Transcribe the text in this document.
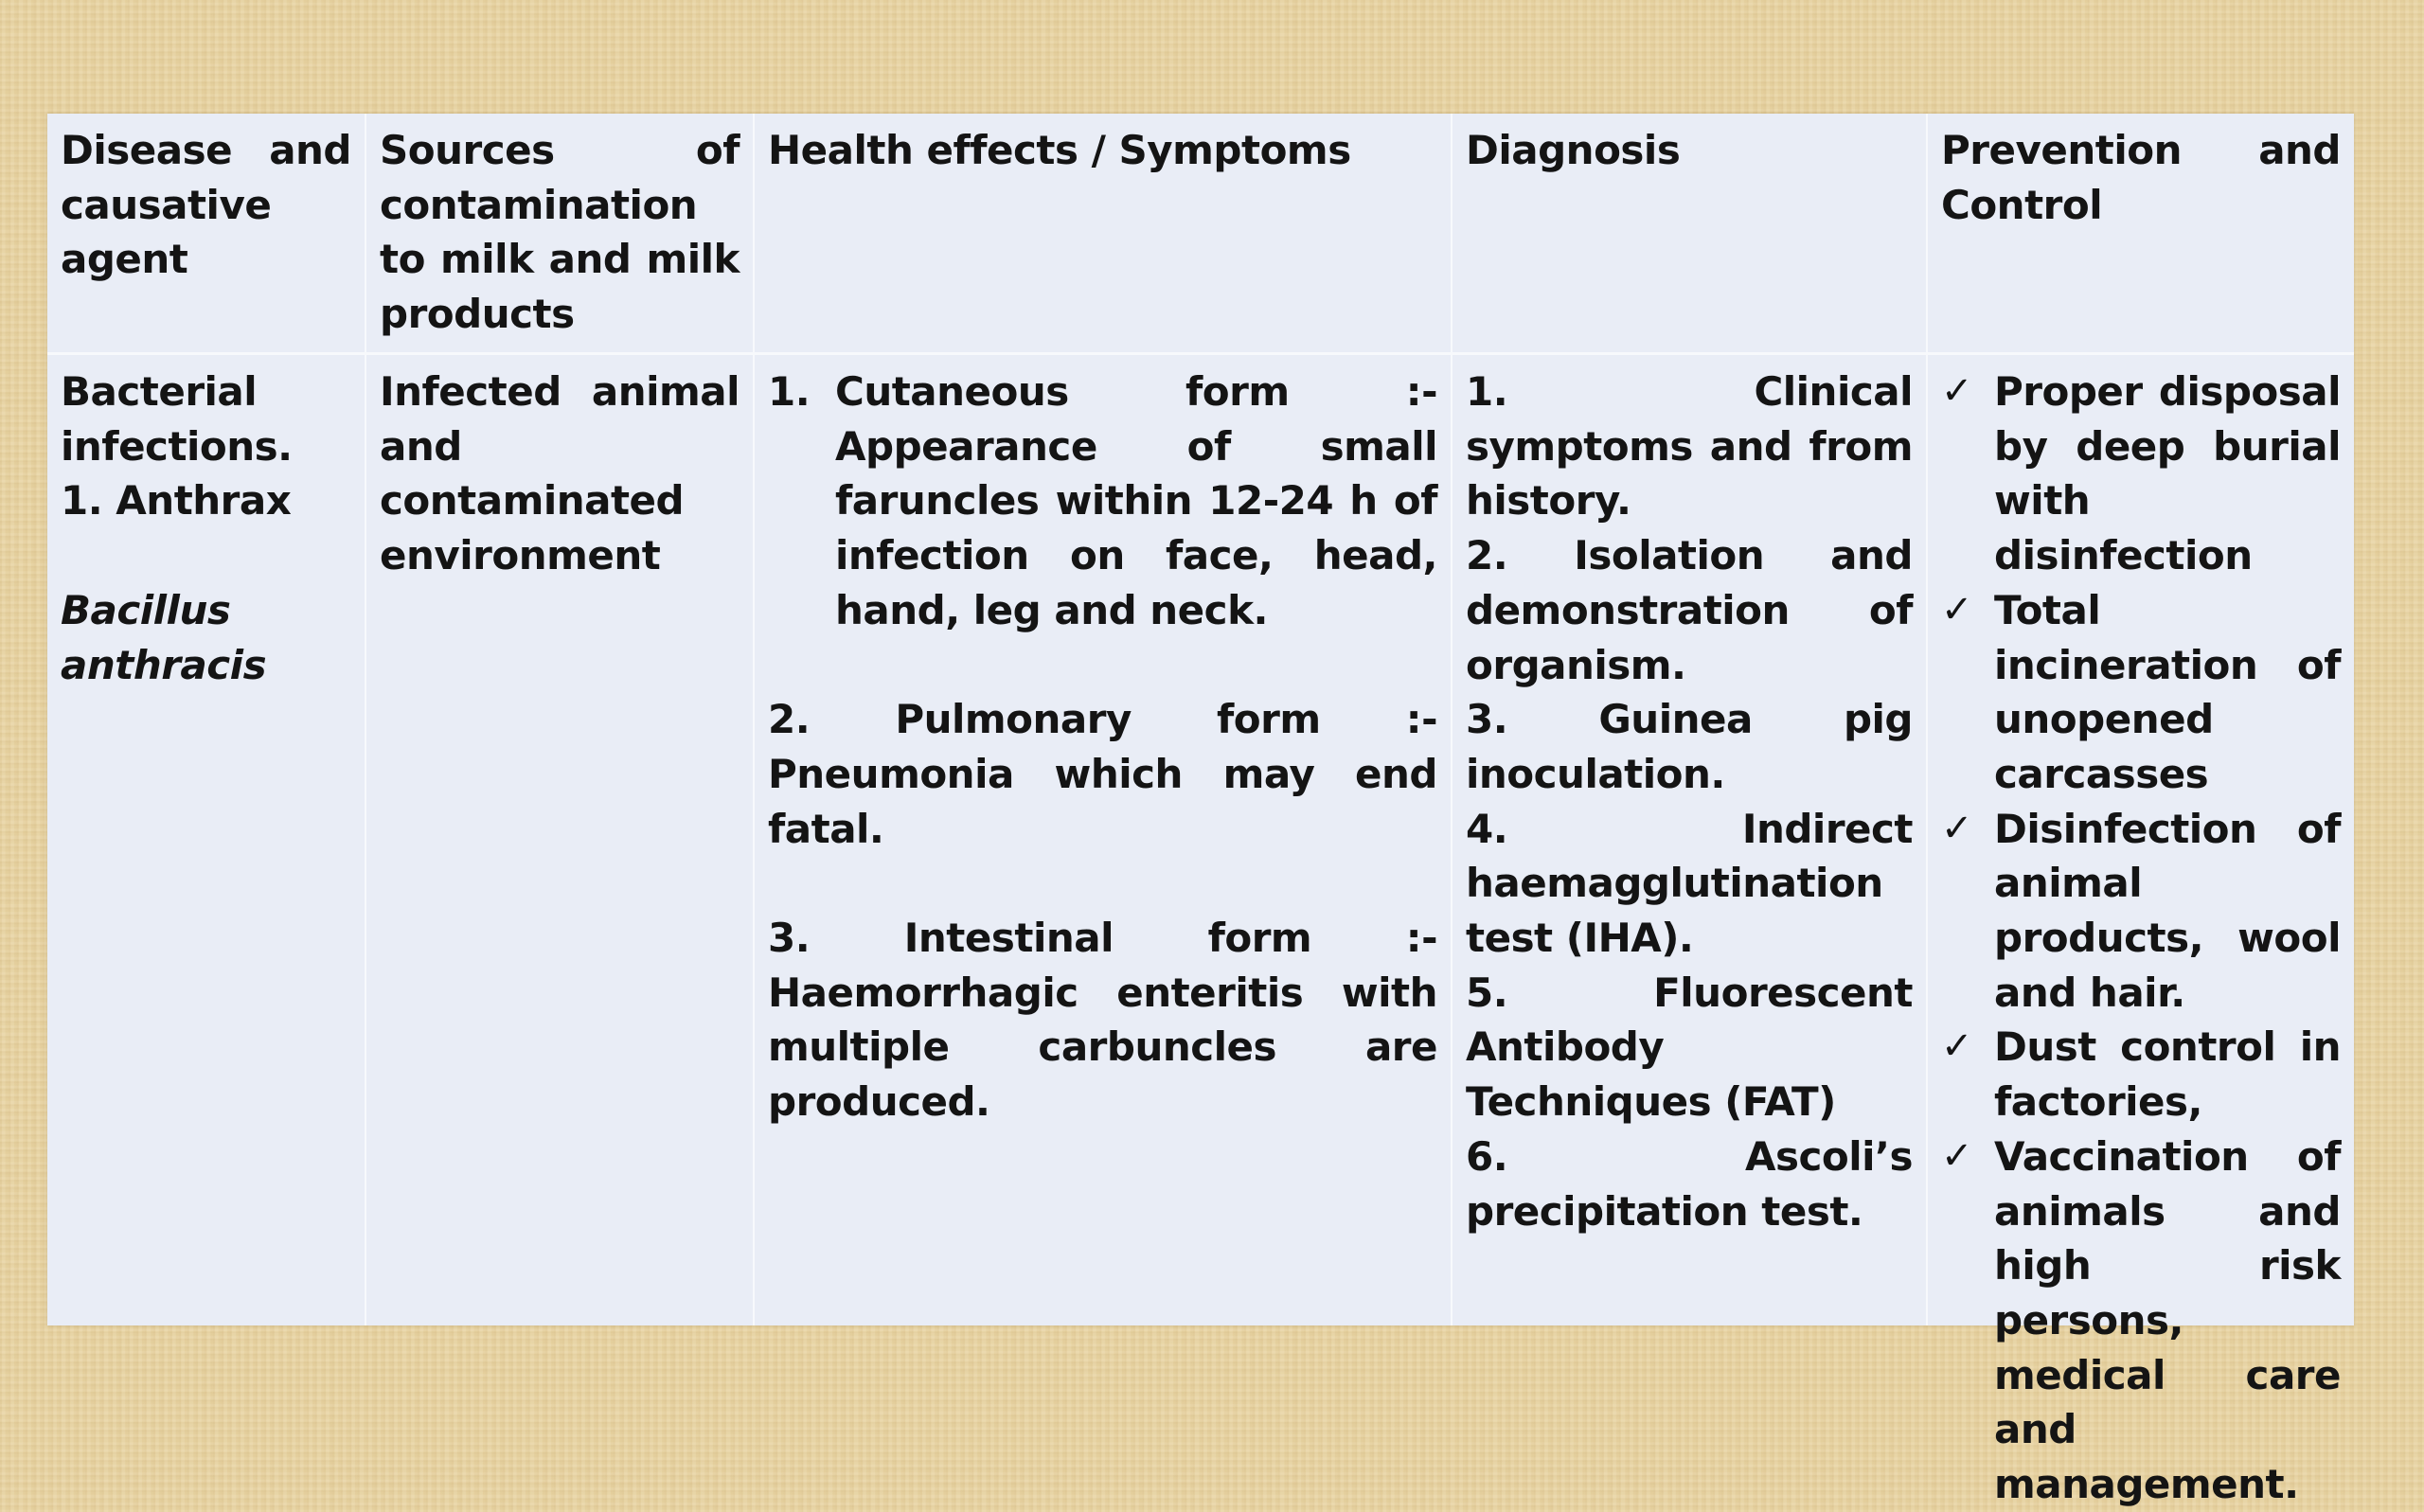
Disease and causative agent
Sources of contamination to milk and milk products
Health effects / Symptoms	Diagnosis	Prevention and Control
Bacterial infections.
1. Anthrax
Bacillus anthracis
Infected animal and contaminated environment
1. Cutaneous form :- Appearance of small faruncles within 12-24 h of infection on face, head, hand, leg and neck.
2. Pulmonary form :- Pneumonia which may end fatal.
3. Intestinal form :- Haemorrhagic enteritis with multiple carbuncles are produced.
1. Clinical symptoms and from history.
2. Isolation and demonstration of organism.
3. Guinea pig inoculation.
4. Indirect haemagglutination test (IHA).
5. Fluorescent Antibody Techniques (FAT)
6. Ascoli’s precipitation test.
✓ Proper disposal by deep burial with disinfection
✓ Total incineration of unopened carcasses
✓ Disinfection of animal products, wool and hair.
✓ Dust control in factories,
✓ Vaccination of animals and high risk persons, medical care and management.
